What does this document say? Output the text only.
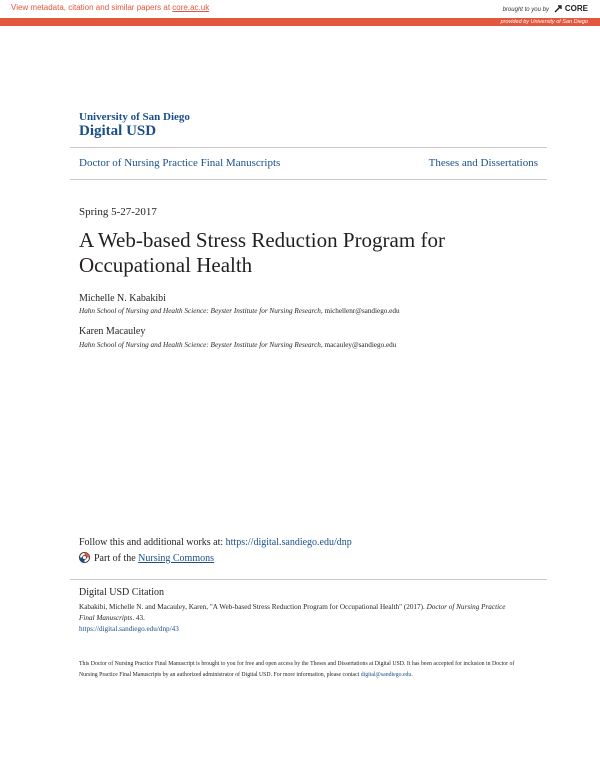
View metadata, citation and similar papers at core.ac.uk	brought to you by CORE
provided by University of San Diego
University of San Diego
Digital USD
Doctor of Nursing Practice Final Manuscripts	Theses and Dissertations
Spring 5-27-2017
A Web-based Stress Reduction Program for Occupational Health
Michelle N. Kabakibi
Hahn School of Nursing and Health Science: Beyster Institute for Nursing Research, michellenr@sandiego.edu
Karen Macauley
Hahn School of Nursing and Health Science: Beyster Institute for Nursing Research, macauley@sandiego.edu
Follow this and additional works at: https://digital.sandiego.edu/dnp
Part of the Nursing Commons
Digital USD Citation
Kabakibi, Michelle N. and Macauley, Karen, "A Web-based Stress Reduction Program for Occupational Health" (2017). Doctor of Nursing Practice Final Manuscripts. 43.
https://digital.sandiego.edu/dnp/43
This Doctor of Nursing Practice Final Manuscript is brought to you for free and open access by the Theses and Dissertations at Digital USD. It has been accepted for inclusion in Doctor of Nursing Practice Final Manuscripts by an authorized administrator of Digital USD. For more information, please contact digital@sandiego.edu.
